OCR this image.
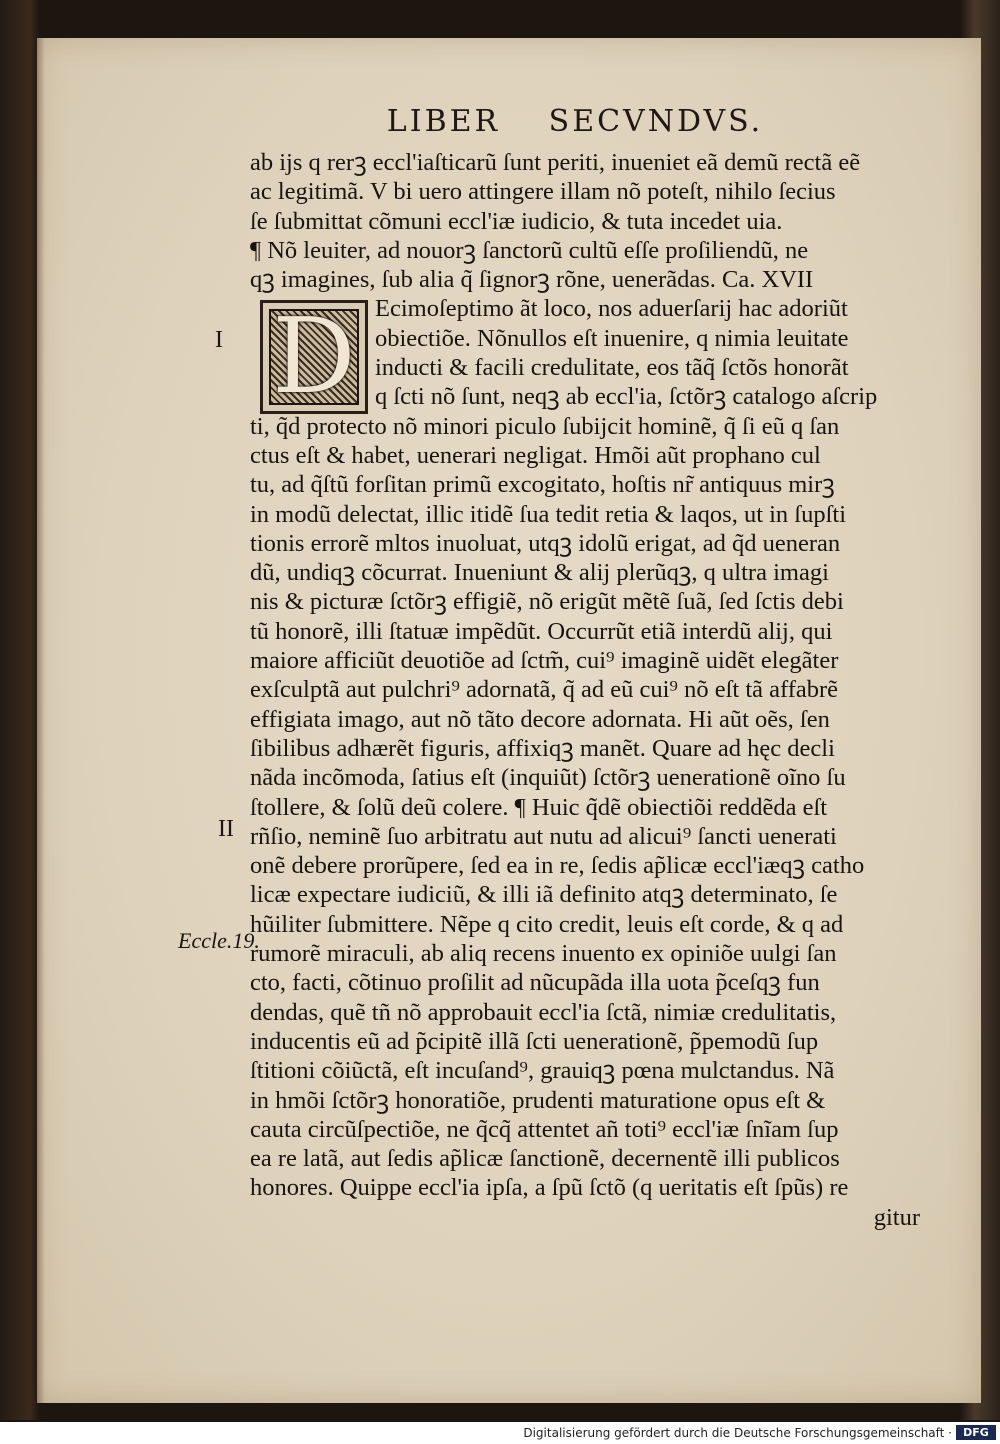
LIBER SECVNDVS.
D
ab ijs q rerꝫ eccl'iaſticarũ ſunt periti, inueniet eã demũ rectã eẽ
ac legitimã. V bi uero attingere illam nõ poteſt, nihilo ſecius
ſe ſubmittat cõmuni eccl'iæ iudicio, & tuta incedet uia.
¶ Nõ leuiter, ad nouorꝫ ſanctorũ cultũ eſſe proſiliendũ, ne
qꝫ imagines, ſub alia q̃ ſignorꝫ rõne, uenerãdas. Ca. XVII
Ecimoſeptimo ãt loco, nos aduerſarij hac adoriũt
obiectiõe. Nõnullos eſt inuenire, q nimia leuitate
inducti & facili credulitate, eos tãq̃ ſctõs honorãt
q ſcti nõ ſunt, neqꝫ ab eccl'ia, ſctõrꝫ catalogo aſcrip
ti, q̃d protecto nõ minori piculo ſubijcit hominẽ, q̃ ſi eũ q ſan
ctus eſt & habet, uenerari negligat. Hmõi aũt prophano cul
tu, ad q̃ſtũ forſitan primũ excogitato, hoſtis nr̃ antiquus mirꝫ
in modũ delectat, illic itidẽ ſua tedit retia & laqos, ut in ſupſti
tionis errorẽ mltos inuoluat, utqꝫ idolũ erigat, ad q̃d ueneran
dũ, undiqꝫ cõcurrat. Inueniunt & alij plerũqꝫ, q ultra imagi
nis & picturæ ſctõrꝫ effigiẽ, nõ erigũt mẽtẽ ſuã, ſed ſctis debi
tũ honorẽ, illi ſtatuæ impẽdũt. Occurrũt etiã interdũ alij, qui
maiore afficiũt deuotiõe ad ſctm̃, cui⁹ imaginẽ uidẽt elegãter
exſculptã aut pulchri⁹ adornatã, q̃ ad eũ cui⁹ nõ eſt tã affabrẽ
effigiata imago, aut nõ tãto decore adornata. Hi aũt oẽs, ſen
ſibilibus adhærẽt figuris, affixiqꝫ manẽt. Quare ad hęc decli
nãda incõmoda, ſatius eſt (inquiũt) ſctõrꝫ uenerationẽ oĩno ſu
ſtollere, & ſolũ deũ colere. ¶ Huic q̃dẽ obiectiõi reddẽda eſt
rñſio, neminẽ ſuo arbitratu aut nutu ad alicui⁹ ſancti uenerati
onẽ debere prorũpere, ſed ea in re, ſedis ap̃licæ eccl'iæqꝫ catho
licæ expectare iudiciũ, & illi iã definito atqꝫ determinato, ſe
hũiliter ſubmittere. Nẽpe q cito credit, leuis eſt corde, & q ad
rumorẽ miraculi, ab aliq recens inuento ex opiniõe uulgi ſan
cto, facti, cõtinuo proſilit ad nũcupãda illa uota p̃ceſqꝫ fun
dendas, quẽ tñ nõ approbauit eccl'ia ſctã, nimiæ credulitatis,
inducentis eũ ad p̃cipitẽ illã ſcti uenerationẽ, p̃pemodũ ſup
ſtitioni cõiũctã, eſt incuſand⁹, grauiqꝫ pœna mulctandus. Nã
in hmõi ſctõrꝫ honoratiõe, prudenti maturatione opus eſt &
cauta circũſpectiõe, ne q̃cq̃ attentet añ toti⁹ eccl'iæ ſnĩam ſup
ea re latã, aut ſedis ap̃licæ ſanctionẽ, decernentẽ illi publicos
honores. Quippe eccl'ia ipſa, a ſpũ ſctõ (q ueritatis eſt ſpũs) re
gitur
I
II
Eccle.19.
Digitalisierung gefördert durch die Deutsche Forschungsgemeinschaft ·	DFG
